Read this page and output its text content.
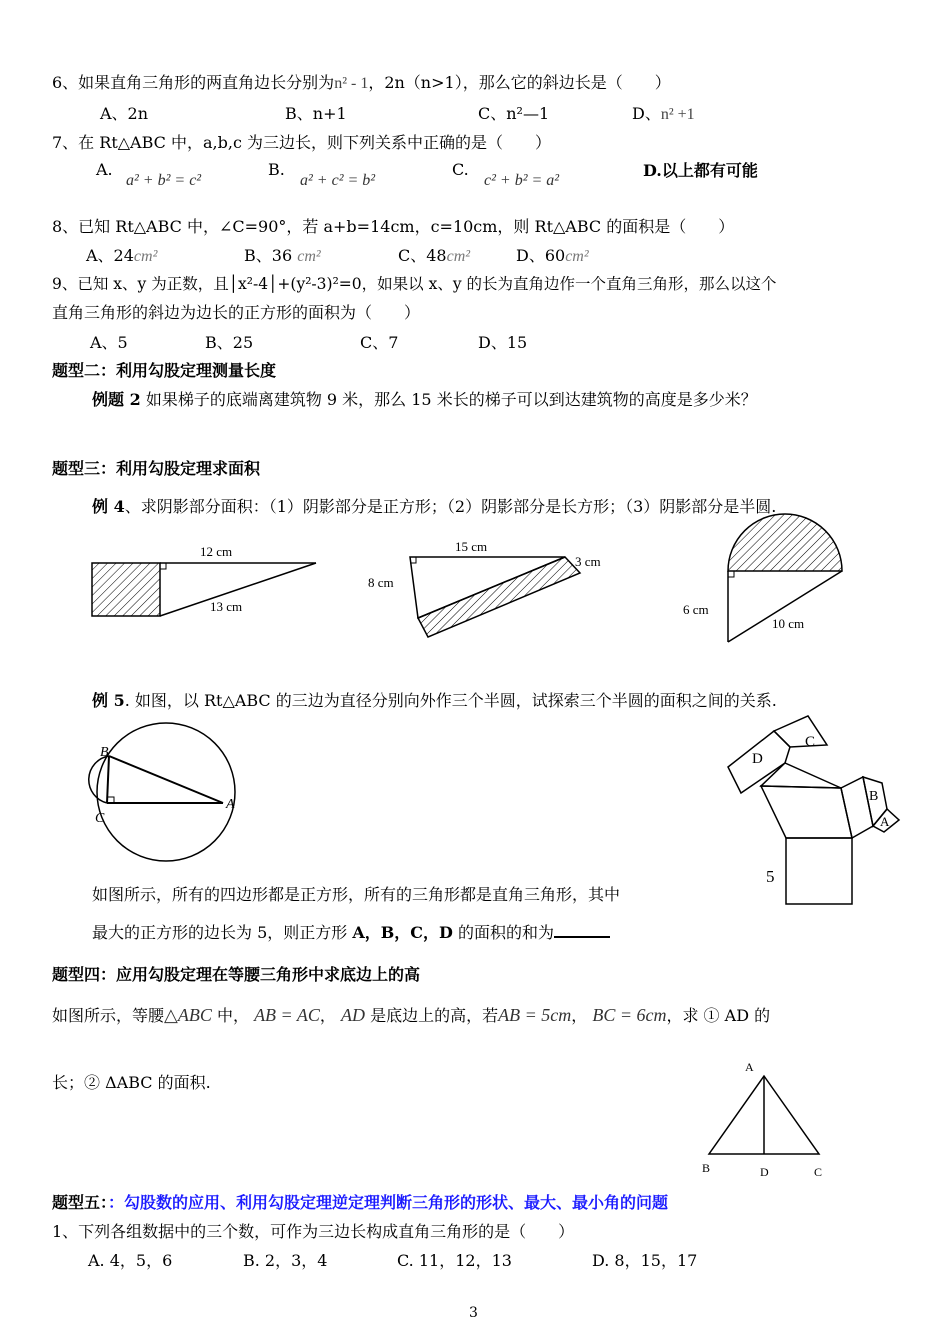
6、如果直角三角形的两直角边长分别为n² - 1，2n（n>1），那么它的斜边长是（　　）
A、2n	B、n+1	C、n²—1	D、n² +1
7、在 Rt△ABC 中，a,b,c 为三边长，则下列关系中正确的是（　　）
A.
a² + b² = c²
B.
a² + c² = b²
C.
c² + b² = a²
D.以上都有可能
8、已知 Rt△ABC 中，∠C=90°，若 a+b=14cm，c=10cm，则 Rt△ABC 的面积是（　　）
A、24cm²	B、36 cm²	C、48cm²	D、60cm²
9、已知 x、y 为正数，且│x²-4│+(y²-3)²=0，如果以 x、y 的长为直角边作一个直角三角形，那么以这个
直角三角形的斜边为边长的正方形的面积为（　　）
A、5	B、25	C、7	D、15
题型二：利用勾股定理测量长度
例题 2 如果梯子的底端离建筑物 9 米，那么 15 米长的梯子可以到达建筑物的高度是多少米？
题型三：利用勾股定理求面积
例 4、求阴影部分面积：（1）阴影部分是正方形；（2）阴影部分是长方形；（3）阴影部分是半圆.
12 cm
13 cm
15 cm
8 cm
3 cm
6 cm
10 cm
B
C
A
D
C
B
A
5
A
B	D	C
例 5. 如图，以 Rt△ABC 的三边为直径分别向外作三个半圆，试探索三个半圆的面积之间的关系.
如图所示，所有的四边形都是正方形，所有的三角形都是直角三角形，其中
最大的正方形的边长为 5，则正方形 A，B，C，D 的面积的和为
题型四：应用勾股定理在等腰三角形中求底边上的高
如图所示，等腰△ABC 中， AB = AC， AD 是底边上的高，若AB = 5cm， BC = 6cm，求 ① AD 的
长；② ΔABC 的面积.
题型五：：勾股数的应用、利用勾股定理逆定理判断三角形的形状、最大、最小角的问题
1、下列各组数据中的三个数，可作为三边长构成直角三角形的是（　　）
A. 4，5，6	B. 2，3，4	C. 11，12，13	D. 8，15，17
3
